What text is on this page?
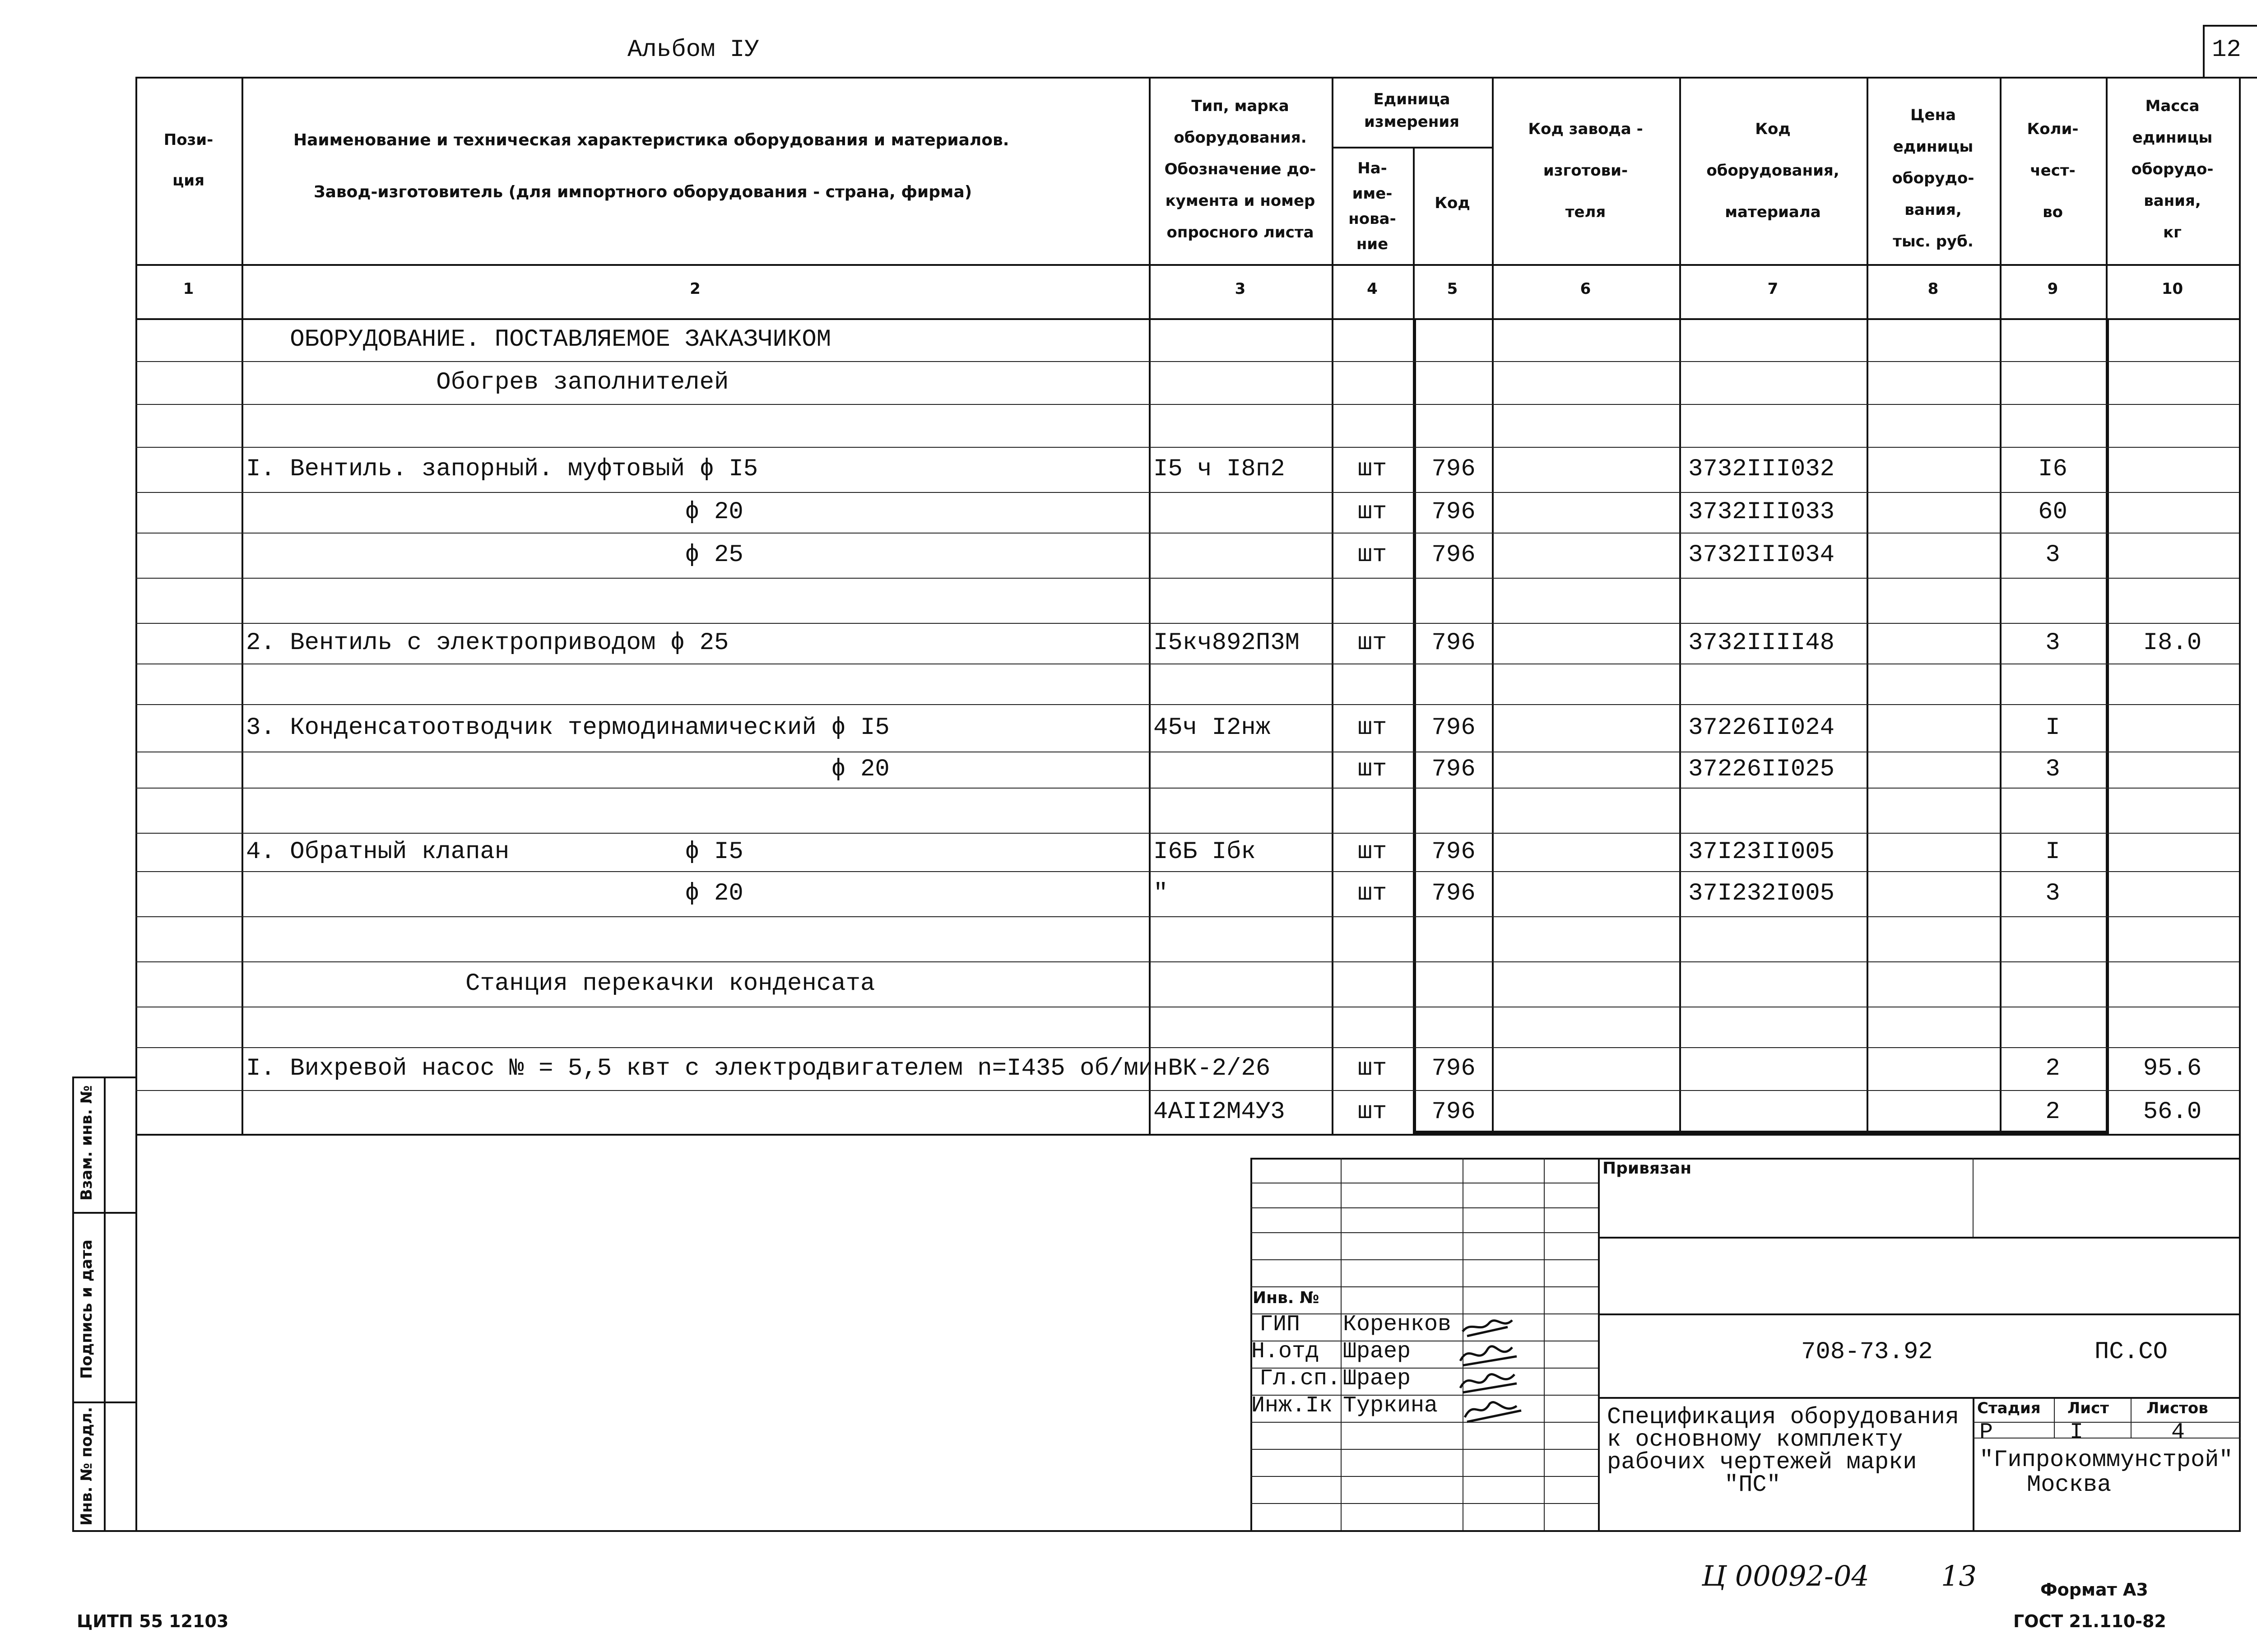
Альбом IУ	12
Пози-
ция
Наименование и техническая характеристика оборудования и материалов.
Завод-изготовитель (для импортного оборудования - страна, фирма)
Тип, марка
оборудования.
Обозначение до-
кумента и номер
опросного листа
Единица
измерения
На-
име-
нова-
ние
Код
Код завода -
изготови-
теля
Код
оборудования,
материала
Цена
единицы
оборудо-
вания,
тыс. руб.
Коли-
чест-
во
Масса
единицы
оборудо-
вания,
кг
1	2	3	4	5	6	7	8	9	10
ОБОРУДОВАНИЕ. ПОСТАВЛЯЕМОЕ ЗАКАЗЧИКОМ
Обогрев заполнителей
I. Вентиль. запорный. муфтовый ϕ I5	I5 ч I8п2	шт	796	3732III032	I6
ϕ 20	шт	796	3732III033	60
ϕ 25	шт	796	3732III034	3
2. Вентиль с электроприводом ϕ 25	I5кч892П3М	шт	796	3732IIII48	3	I8.0
3. Конденсатоотводчик термодинамический ϕ I5	45ч I2нж	шт	796	37226II024	I
ϕ 20	шт	796	37226II025	3
4. Обратный клапан            ϕ I5	I6Б Iбк	шт	796	37I23II005	I
ϕ 20	"	шт	796	37I232I005	3
Станция перекачки конденсата
I. Вихревой насос № = 5,5 квт с электродвигателем n=I435 об/мин
ВК-2/26	шт	796	2	95.6
4АII2М4У3	шт	796	2	56.0
Взам. инв. №
Подпись и дата
Инв. № подл.
Привязан
Инв. №
ГИП Коренков
Н.отд Шраер
Гл.сп. Шраер
Инж.Iк Туркина
708-73.92	ПС.СО
Спецификация оборудования
к основному комплекту
рабочих чертежей марки
"ПС"
Стадия Лист Листов
Р	I	4
"Гипрокоммунстрой"
Москва
Ц 00092-04	13	Формат А3
ЦИТП 55 12103	ГОСТ 21.110-82
